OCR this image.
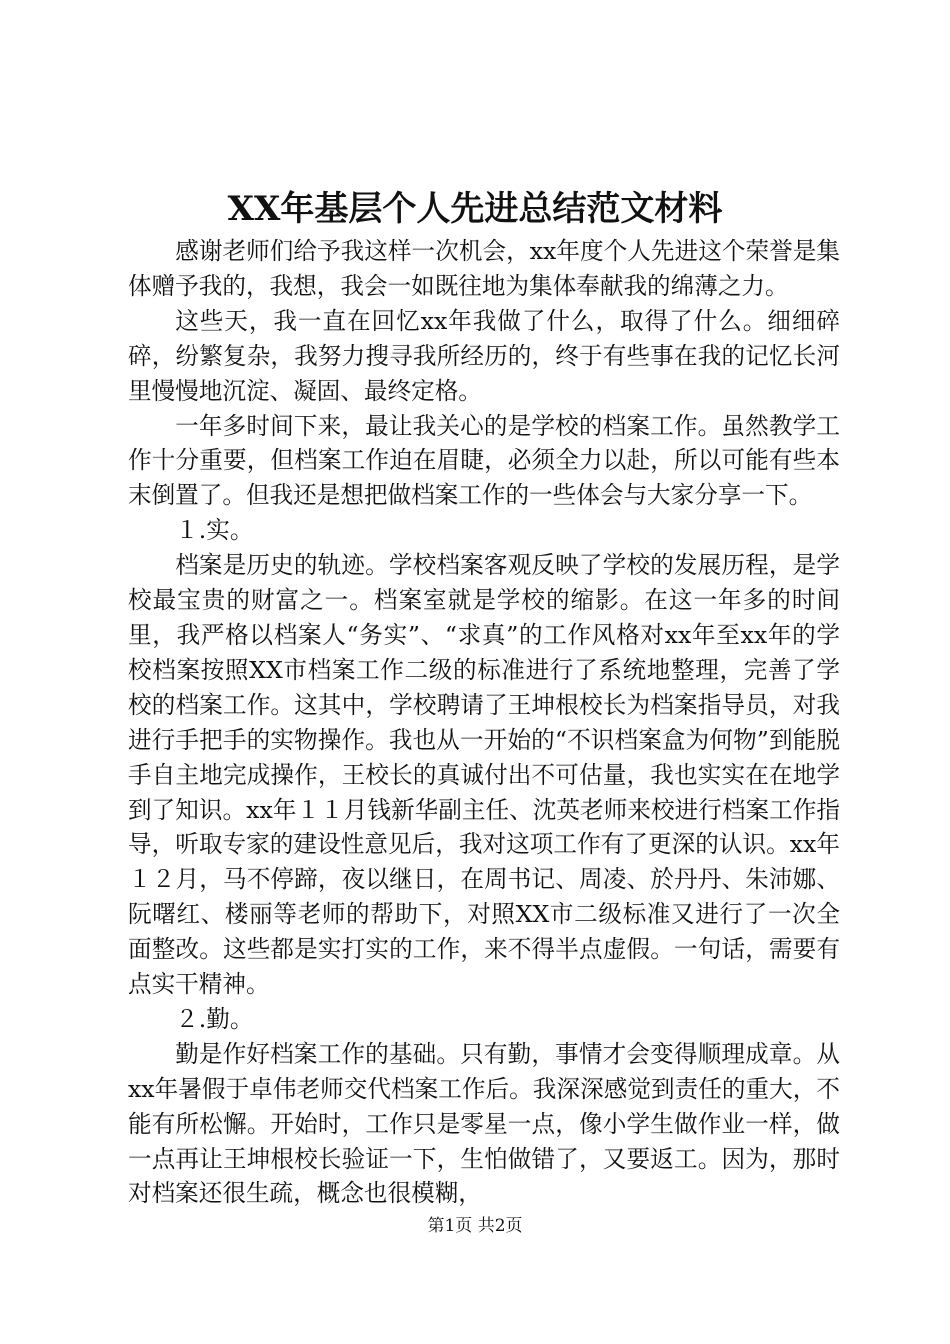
XX年基层个人先进总结范文材料

感谢老师们给予我这样一次机会，xx年度个人先进这个荣誉是集体赠予我的，我想，我会一如既往地为集体奉献我的绵薄之力。

这些天，我一直在回忆xx年我做了什么，取得了什么。细细碎碎，纷繁复杂，我努力搜寻我所经历的，终于有些事在我的记忆长河里慢慢地沉淀、凝固、最终定格。

一年多时间下来，最让我关心的是学校的档案工作。虽然教学工作十分重要，但档案工作迫在眉睫，必须全力以赴，所以可能有些本末倒置了。但我还是想把做档案工作的一些体会与大家分享一下。

１.实。

档案是历史的轨迹。学校档案客观反映了学校的发展历程，是学校最宝贵的财富之一。档案室就是学校的缩影。在这一年多的时间里，我严格以档案人“务实”、“求真”的工作风格对xx年至xx年的学校档案按照XX市档案工作二级的标准进行了系统地整理，完善了学校的档案工作。这其中，学校聘请了王坤根校长为档案指导员，对我进行手把手的实物操作。我也从一开始的“不识档案盒为何物”到能脱手自主地完成操作，王校长的真诚付出不可估量，我也实实在在地学到了知识。xx年１１月钱新华副主任、沈英老师来校进行档案工作指导，听取专家的建设性意见后，我对这项工作有了更深的认识。xx年１２月，马不停蹄，夜以继日，在周书记、周凌、於丹丹、朱沛娜、阮曙红、楼丽等老师的帮助下，对照XX市二级标准又进行了一次全面整改。这些都是实打实的工作，来不得半点虚假。一句话，需要有点实干精神。

２.勤。

勤是作好档案工作的基础。只有勤，事情才会变得顺理成章。从xx年暑假于卓伟老师交代档案工作后。我深深感觉到责任的重大，不能有所松懈。开始时，工作只是零星一点，像小学生做作业一样，做一点再让王坤根校长验证一下，生怕做错了，又要返工。因为，那时对档案还很生疏，概念也很模糊，

第1页 共2页
